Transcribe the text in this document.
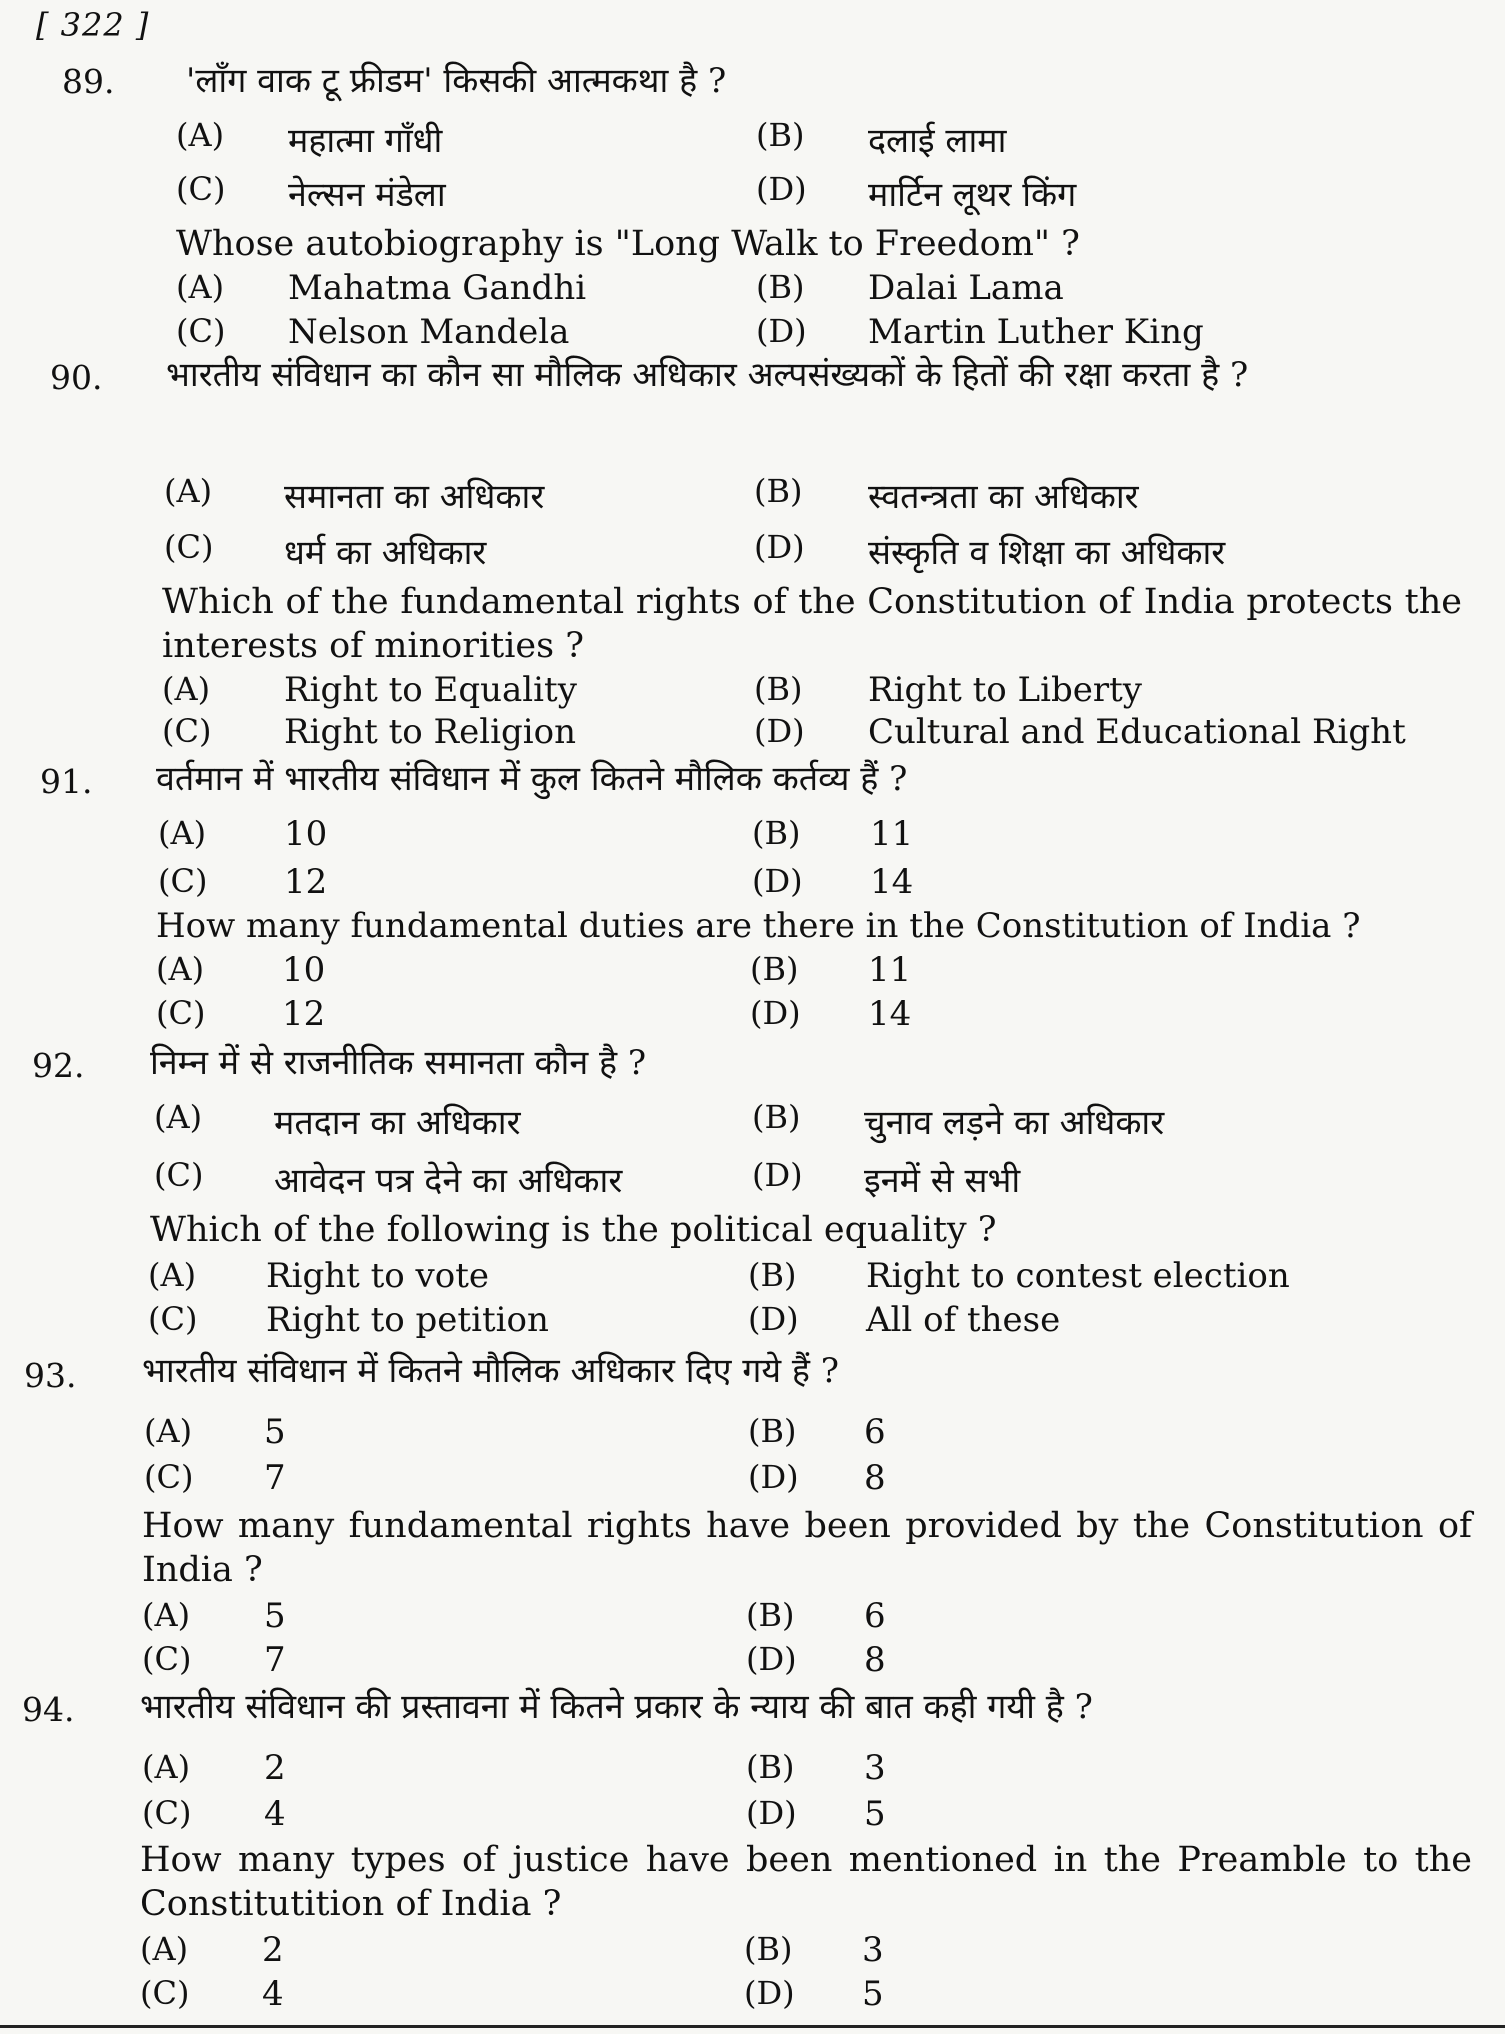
[ 322 ]
89. 'लाँग वाक टू फ्रीडम' किसकी आत्मकथा है ?
(A) महात्मा गाँधी	(B) दलाई लामा
(C) नेल्सन मंडेला	(D) मार्टिन लूथर किंग
Whose autobiography is "Long Walk to Freedom" ?
(A) Mahatma Gandhi	(B) Dalai Lama
(C) Nelson Mandela	(D) Martin Luther King
90. भारतीय संविधान का कौन सा मौलिक अधिकार अल्पसंख्यकों के हितों की रक्षा करता है ?
(A) समानता का अधिकार	(B) स्वतन्त्रता का अधिकार
(C) धर्म का अधिकार	(D) संस्कृति व शिक्षा का अधिकार
Which of the fundamental rights of the Constitution of India protects the interests of minorities ?
(A) Right to Equality	(B) Right to Liberty
(C) Right to Religion	(D) Cultural and Educational Right
91. वर्तमान में भारतीय संविधान में कुल कितने मौलिक कर्तव्य हैं ?
(A) 10	(B) 11
(C) 12	(D) 14
How many fundamental duties are there in the Constitution of India ?
(A) 10	(B) 11
(C) 12	(D) 14
92. निम्न में से राजनीतिक समानता कौन है ?
(A) मतदान का अधिकार	(B) चुनाव लड़ने का अधिकार
(C) आवेदन पत्र देने का अधिकार	(D) इनमें से सभी
Which of the following is the political equality ?
(A) Right to vote	(B) Right to contest election
(C) Right to petition	(D) All of these
93. भारतीय संविधान में कितने मौलिक अधिकार दिए गये हैं ?
(A) 5	(B) 6
(C) 7	(D) 8
How many fundamental rights have been provided by the Constitution of India ?
(A) 5	(B) 6
(C) 7	(D) 8
94. भारतीय संविधान की प्रस्तावना में कितने प्रकार के न्याय की बात कही गयी है ?
(A) 2	(B) 3
(C) 4	(D) 5
How many types of justice have been mentioned in the Preamble to the Constitutition of India ?
(A) 2	(B) 3
(C) 4	(D) 5
